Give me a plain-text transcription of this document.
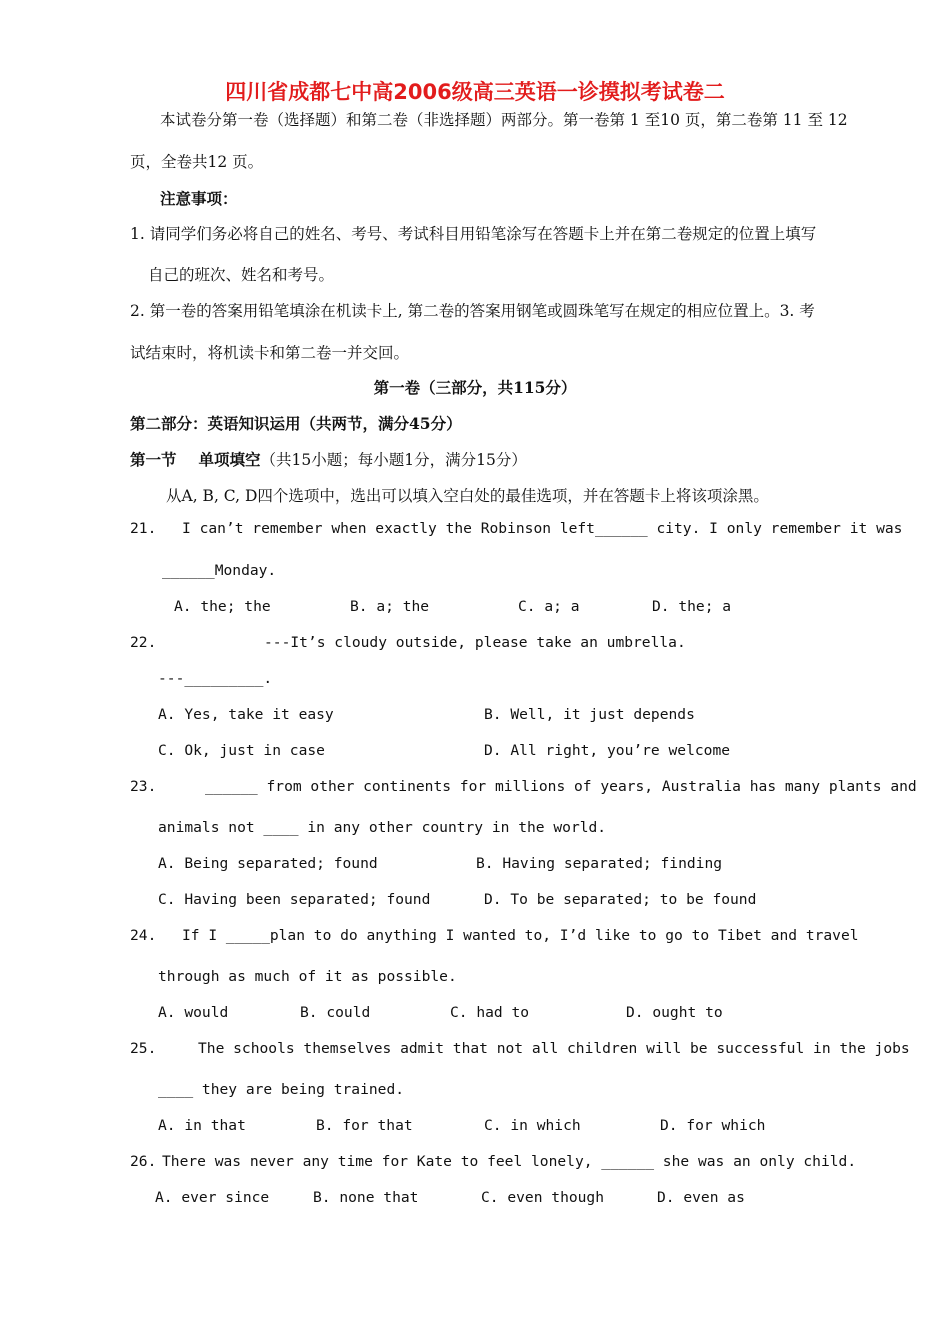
四川省成都七中高2006级高三英语一诊摸拟考试卷二
本试卷分第一卷（选择题）和第二卷（非选择题）两部分。第一卷第 1 至10 页，第二卷第 11 至 12
页，全卷共12 页。
注意事项：
1. 请同学们务必将自己的姓名、考号、考试科目用铅笔涂写在答题卡上并在第二卷规定的位置上填写
自己的班次、姓名和考号。
2. 第一卷的答案用铅笔填涂在机读卡上, 第二卷的答案用钢笔或圆珠笔写在规定的相应位置上。3. 考
试结束时，将机读卡和第二卷一并交回。
第一卷（三部分，共115分）
第二部分：英语知识运用（共两节，满分45分）
第一节 单项填空（共15小题；每小题1分，满分15分）
从A, B, C, D四个选项中，选出可以填入空白处的最佳选项，并在答题卡上将该项涂黑。
21. I can’t remember when exactly the Robinson left______ city. I only remember it was
______Monday.
A. the; the	B. a; the	C. a; a	D. the; a
22.	---It’s cloudy outside, please take an umbrella.
---_________.
A. Yes, take it easy	B. Well, it just depends
C. Ok, just in case	D. All right, you’re welcome
23.	______ from other continents for millions of years, Australia has many plants and
animals not ____ in any other country in the world.
A. Being separated; found	B. Having separated; finding
C. Having been separated; found	D. To be separated; to be found
24. If I _____plan to do anything I wanted to, I’d like to go to Tibet and travel
through as much of it as possible.
A. would	B. could	C. had to	D. ought to
25.	The schools themselves admit that not all children will be successful in the jobs
____ they are being trained.
A. in that	B. for that	C. in which	D. for which
26. There was never any time for Kate to feel lonely, ______ she was an only child.
A. ever since	B. none that	C. even though	D. even as
